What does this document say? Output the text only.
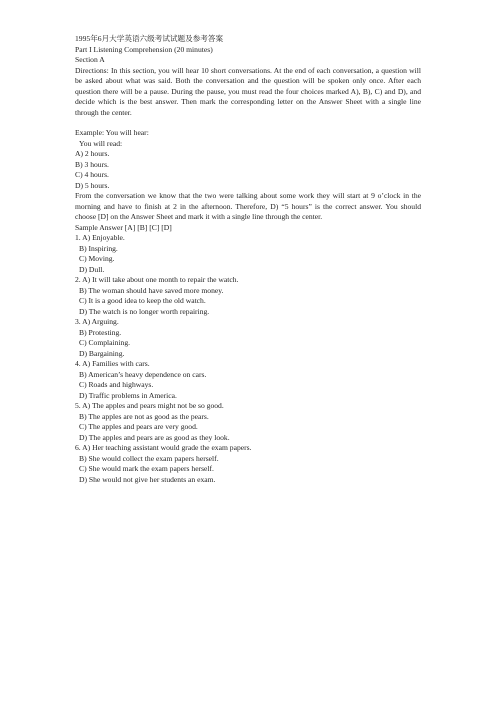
1995年6月大学英语六级考试试题及参考答案
Part I Listening Comprehension (20 minutes)
Section A
Directions: In this section, you will hear 10 short conversations. At the end of each conversation, a question will be asked about what was said. Both the conversation and the question will be spoken only once. After each question there will be a pause. During the pause, you must read the four choices marked A), B), C) and D), and decide which is the best answer. Then mark the corresponding letter on the Answer Sheet with a single line through the center.
Example: You will hear:
You will read:
A) 2 hours.
B) 3 hours.
C) 4 hours.
D) 5 hours.
From the conversation we know that the two were talking about some work they will start at 9 o’clock in the morning and have to finish at 2 in the afternoon. Therefore, D) “5 hours” is the correct answer. You should choose [D] on the Answer Sheet and mark it with a single line through the center.
Sample Answer [A] [B] [C] [D]
1. A) Enjoyable.
B) Inspiring.
C) Moving.
D) Dull.
2. A) It will take about one month to repair the watch.
B) The woman should have saved more money.
C) It is a good idea to keep the old watch.
D) The watch is no longer worth repairing.
3. A) Arguing.
B) Protesting.
C) Complaining.
D) Bargaining.
4. A) Families with cars.
B) American’s heavy dependence on cars.
C) Roads and highways.
D) Traffic problems in America.
5. A) The apples and pears might not be so good.
B) The apples are not as good as the pears.
C) The apples and pears are very good.
D) The apples and pears are as good as they look.
6. A) Her teaching assistant would grade the exam papers.
B) She would collect the exam papers herself.
C) She would mark the exam papers herself.
D) She would not give her students an exam.
